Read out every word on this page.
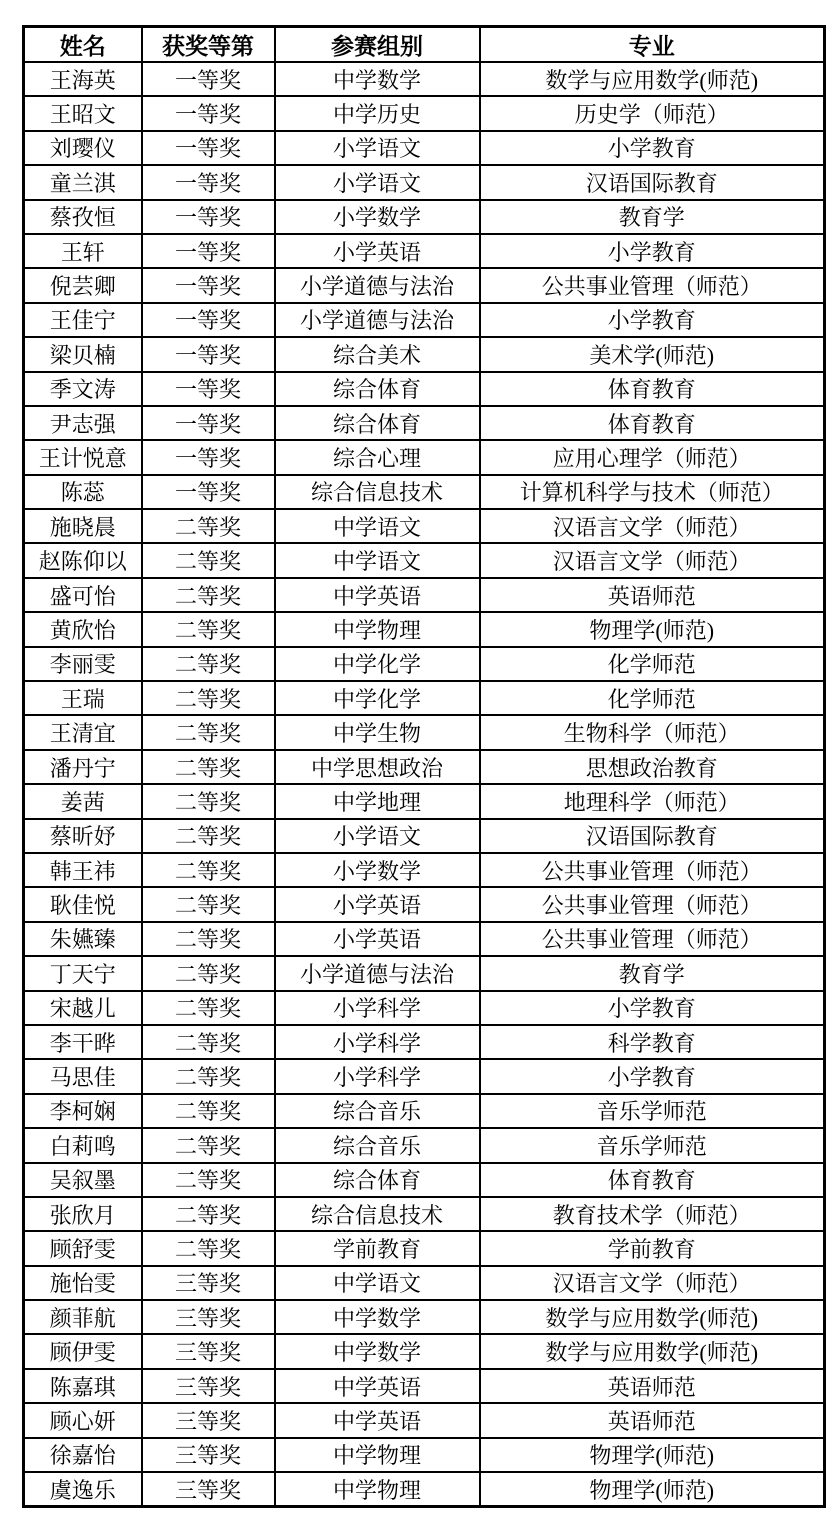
姓名	获奖等第	参赛组别	专业
王海英	一等奖	中学数学	数学与应用数学(师范)
王昭文	一等奖	中学历史	历史学（师范）
刘璎仪	一等奖	小学语文	小学教育
童兰淇	一等奖	小学语文	汉语国际教育
蔡孜恒	一等奖	小学数学	教育学
王轩	一等奖	小学英语	小学教育
倪芸卿	一等奖	小学道德与法治	公共事业管理（师范）
王佳宁	一等奖	小学道德与法治	小学教育
梁贝楠	一等奖	综合美术	美术学(师范)
季文涛	一等奖	综合体育	体育教育
尹志强	一等奖	综合体育	体育教育
王计悦意	一等奖	综合心理	应用心理学（师范）
陈蕊	一等奖	综合信息技术	计算机科学与技术（师范）
施晓晨	二等奖	中学语文	汉语言文学（师范）
赵陈仰以	二等奖	中学语文	汉语言文学（师范）
盛可怡	二等奖	中学英语	英语师范
黄欣怡	二等奖	中学物理	物理学(师范)
李丽雯	二等奖	中学化学	化学师范
王瑞	二等奖	中学化学	化学师范
王清宜	二等奖	中学生物	生物科学（师范）
潘丹宁	二等奖	中学思想政治	思想政治教育
姜茜	二等奖	中学地理	地理科学（师范）
蔡昕妤	二等奖	小学语文	汉语国际教育
韩王祎	二等奖	小学数学	公共事业管理（师范）
耿佳悦	二等奖	小学英语	公共事业管理（师范）
朱嬿臻	二等奖	小学英语	公共事业管理（师范）
丁天宁	二等奖	小学道德与法治	教育学
宋越儿	二等奖	小学科学	小学教育
李干晔	二等奖	小学科学	科学教育
马思佳	二等奖	小学科学	小学教育
李柯娴	二等奖	综合音乐	音乐学师范
白莉鸣	二等奖	综合音乐	音乐学师范
吴叙墨	二等奖	综合体育	体育教育
张欣月	二等奖	综合信息技术	教育技术学（师范）
顾舒雯	二等奖	学前教育	学前教育
施怡雯	三等奖	中学语文	汉语言文学（师范）
颜菲航	三等奖	中学数学	数学与应用数学(师范)
顾伊雯	三等奖	中学数学	数学与应用数学(师范)
陈嘉琪	三等奖	中学英语	英语师范
顾心妍	三等奖	中学英语	英语师范
徐嘉怡	三等奖	中学物理	物理学(师范)
虞逸乐	三等奖	中学物理	物理学(师范)
